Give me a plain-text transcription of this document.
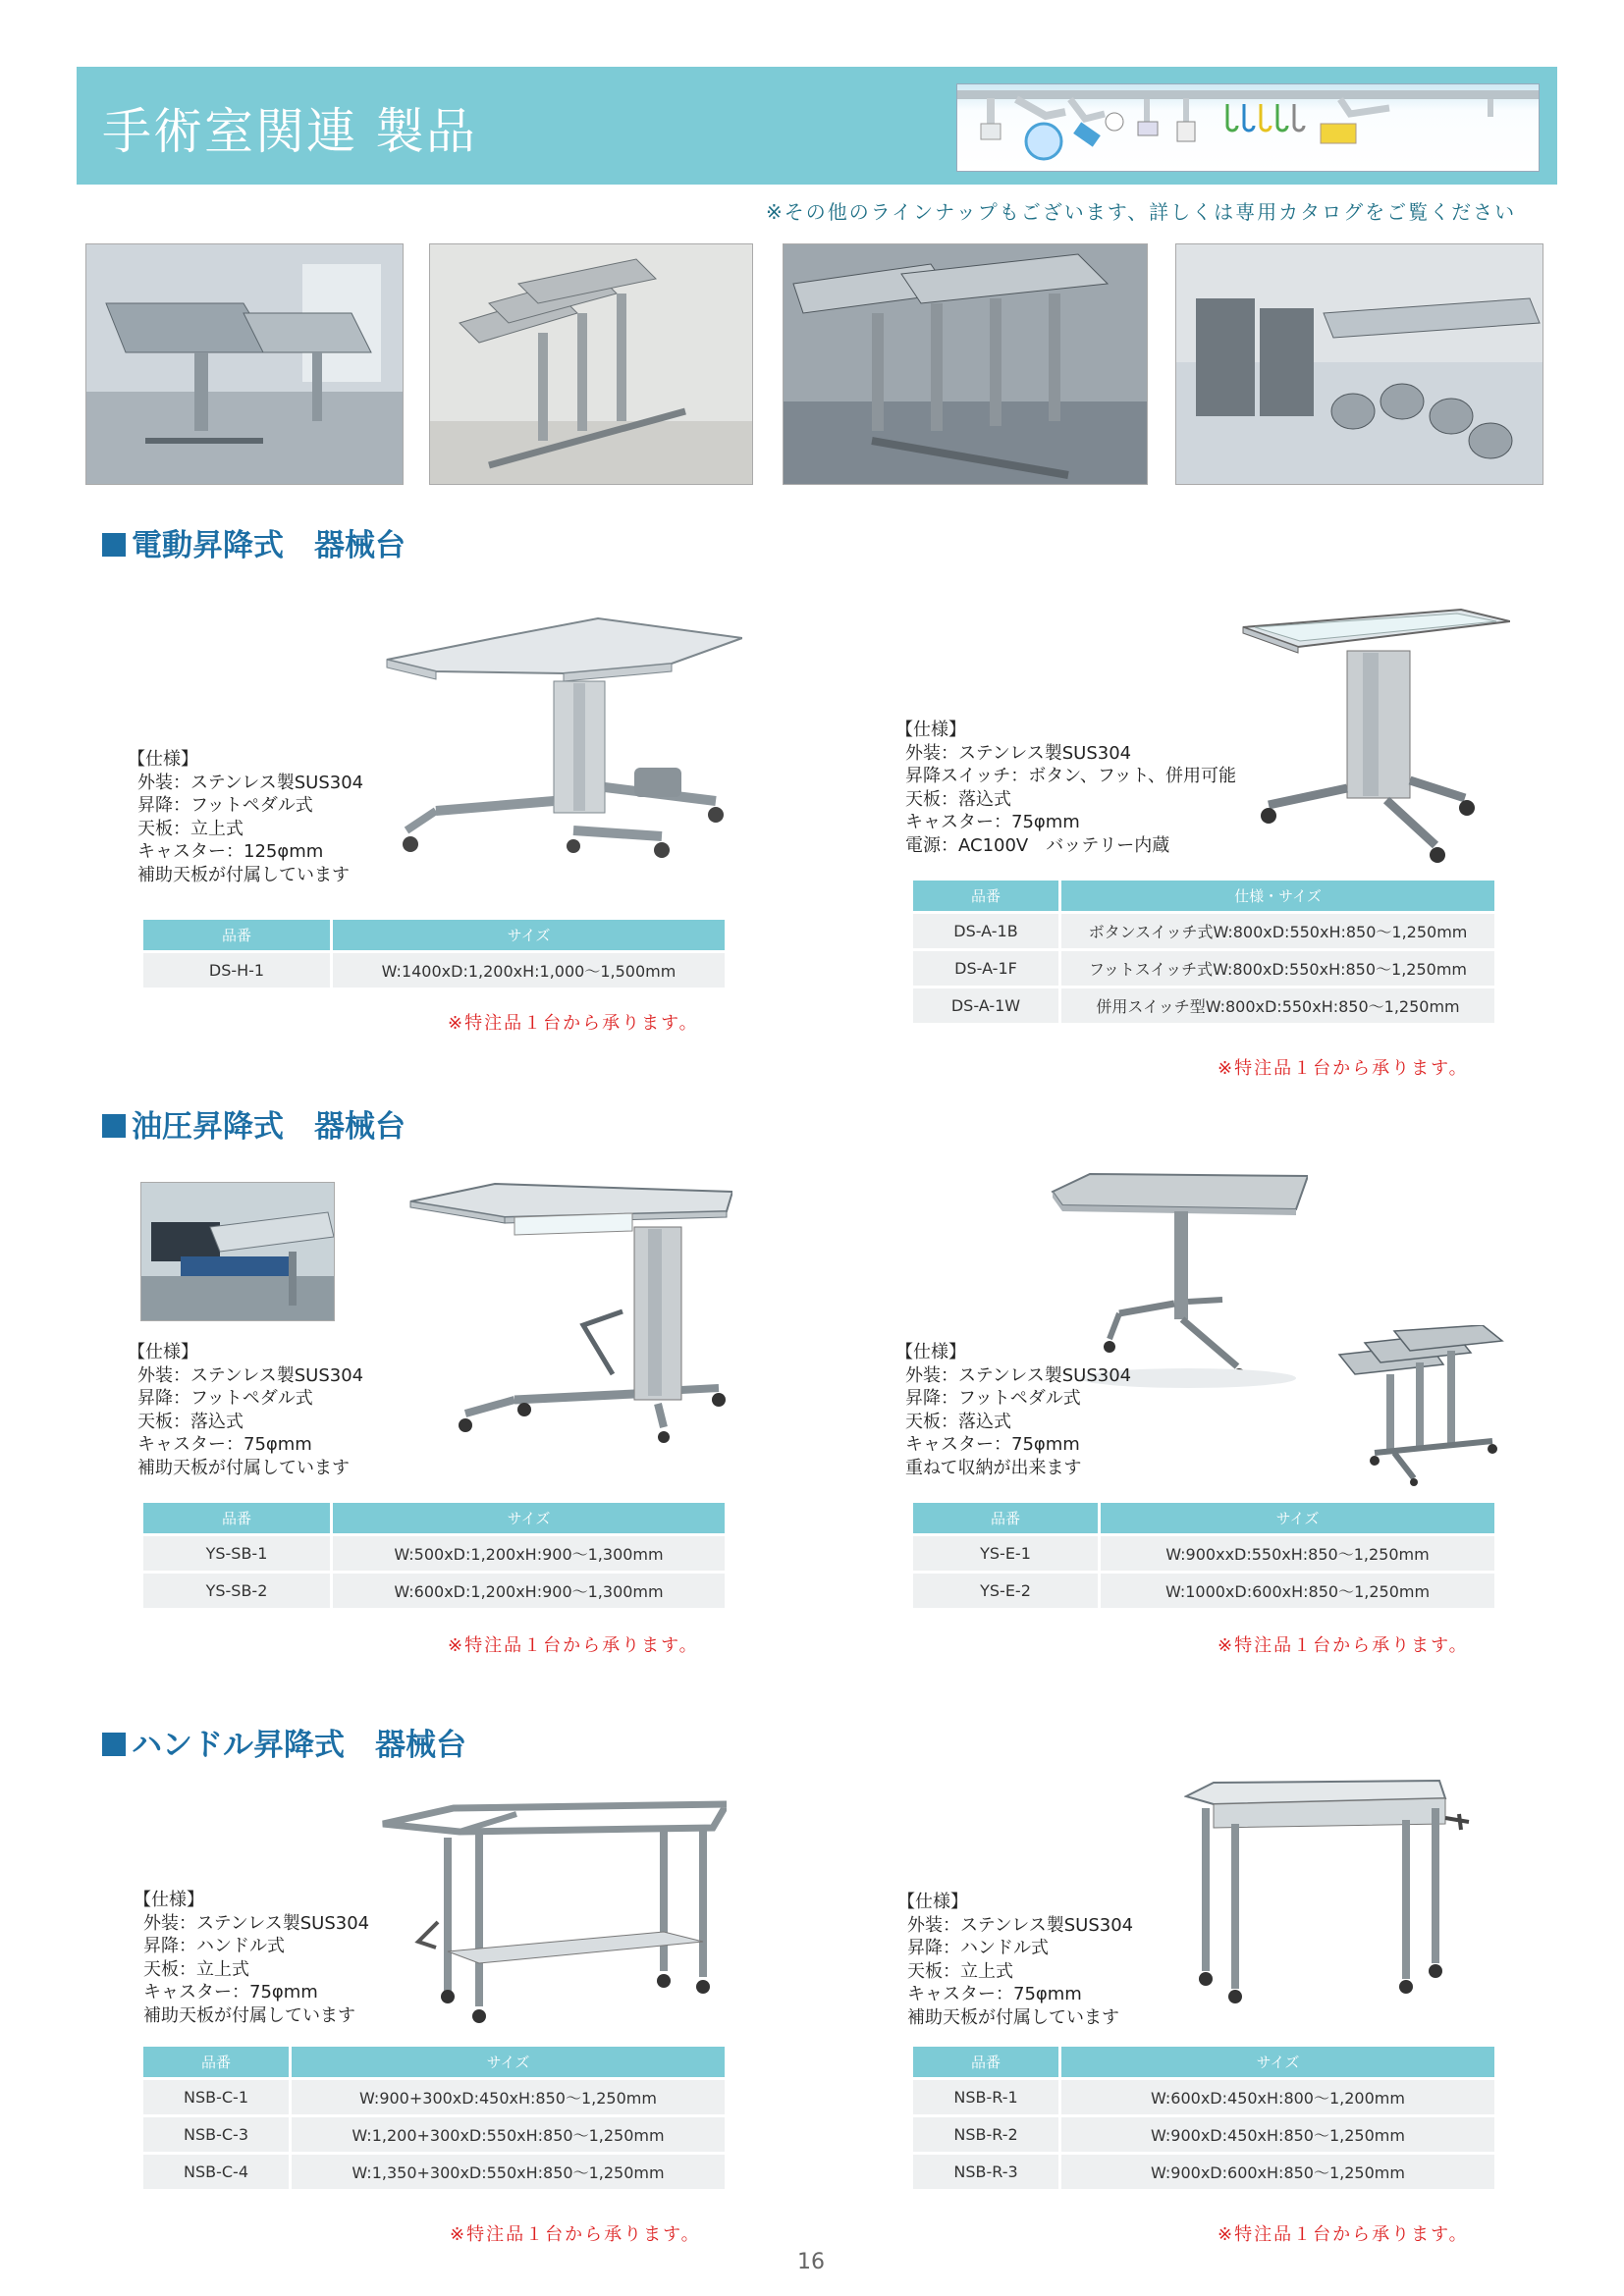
手術室関連 製品
※その他のラインナップもございます、詳しくは専用カタログをご覧ください
電動昇降式　器械台
【仕様】
外装：ステンレス製SUS304
昇降：フットペダル式
天板：立上式
キャスター：125φmm
補助天板が付属しています
品番	サイズ
DS-H-1	W:1400xD:1,200xH:1,000～1,500mm
※特注品１台から承ります。
【仕様】
外装：ステンレス製SUS304
昇降スイッチ：ボタン、フット、併用可能
天板：落込式
キャスター：75φmm
電源：AC100V　バッテリー内蔵
品番	仕様・サイズ
DS-A-1B	ボタンスイッチ式W:800xD:550xH:850～1,250mm
DS-A-1F	フットスイッチ式W:800xD:550xH:850～1,250mm
DS-A-1W	併用スイッチ型W:800xD:550xH:850～1,250mm
※特注品１台から承ります。
油圧昇降式　器械台
【仕様】
外装：ステンレス製SUS304
昇降：フットペダル式
天板：落込式
キャスター：75φmm
補助天板が付属しています
品番	サイズ
YS-SB-1	W:500xD:1,200xH:900～1,300mm
YS-SB-2	W:600xD:1,200xH:900～1,300mm
※特注品１台から承ります。
【仕様】
外装：ステンレス製SUS304
昇降：フットペダル式
天板：落込式
キャスター：75φmm
重ねて収納が出来ます
品番	サイズ
YS-E-1	W:900xxD:550xH:850～1,250mm
YS-E-2	W:1000xD:600xH:850～1,250mm
※特注品１台から承ります。
ハンドル昇降式　器械台
【仕様】
外装：ステンレス製SUS304
昇降：ハンドル式
天板：立上式
キャスター：75φmm
補助天板が付属しています
品番	サイズ
NSB-C-1	W:900+300xD:450xH:850～1,250mm
NSB-C-3	W:1,200+300xD:550xH:850～1,250mm
NSB-C-4	W:1,350+300xD:550xH:850～1,250mm
※特注品１台から承ります。
【仕様】
外装：ステンレス製SUS304
昇降：ハンドル式
天板：立上式
キャスター：75φmm
補助天板が付属しています
品番	サイズ
NSB-R-1	W:600xD:450xH:800～1,200mm
NSB-R-2	W:900xD:450xH:850～1,250mm
NSB-R-3	W:900xD:600xH:850～1,250mm
※特注品１台から承ります。
16
